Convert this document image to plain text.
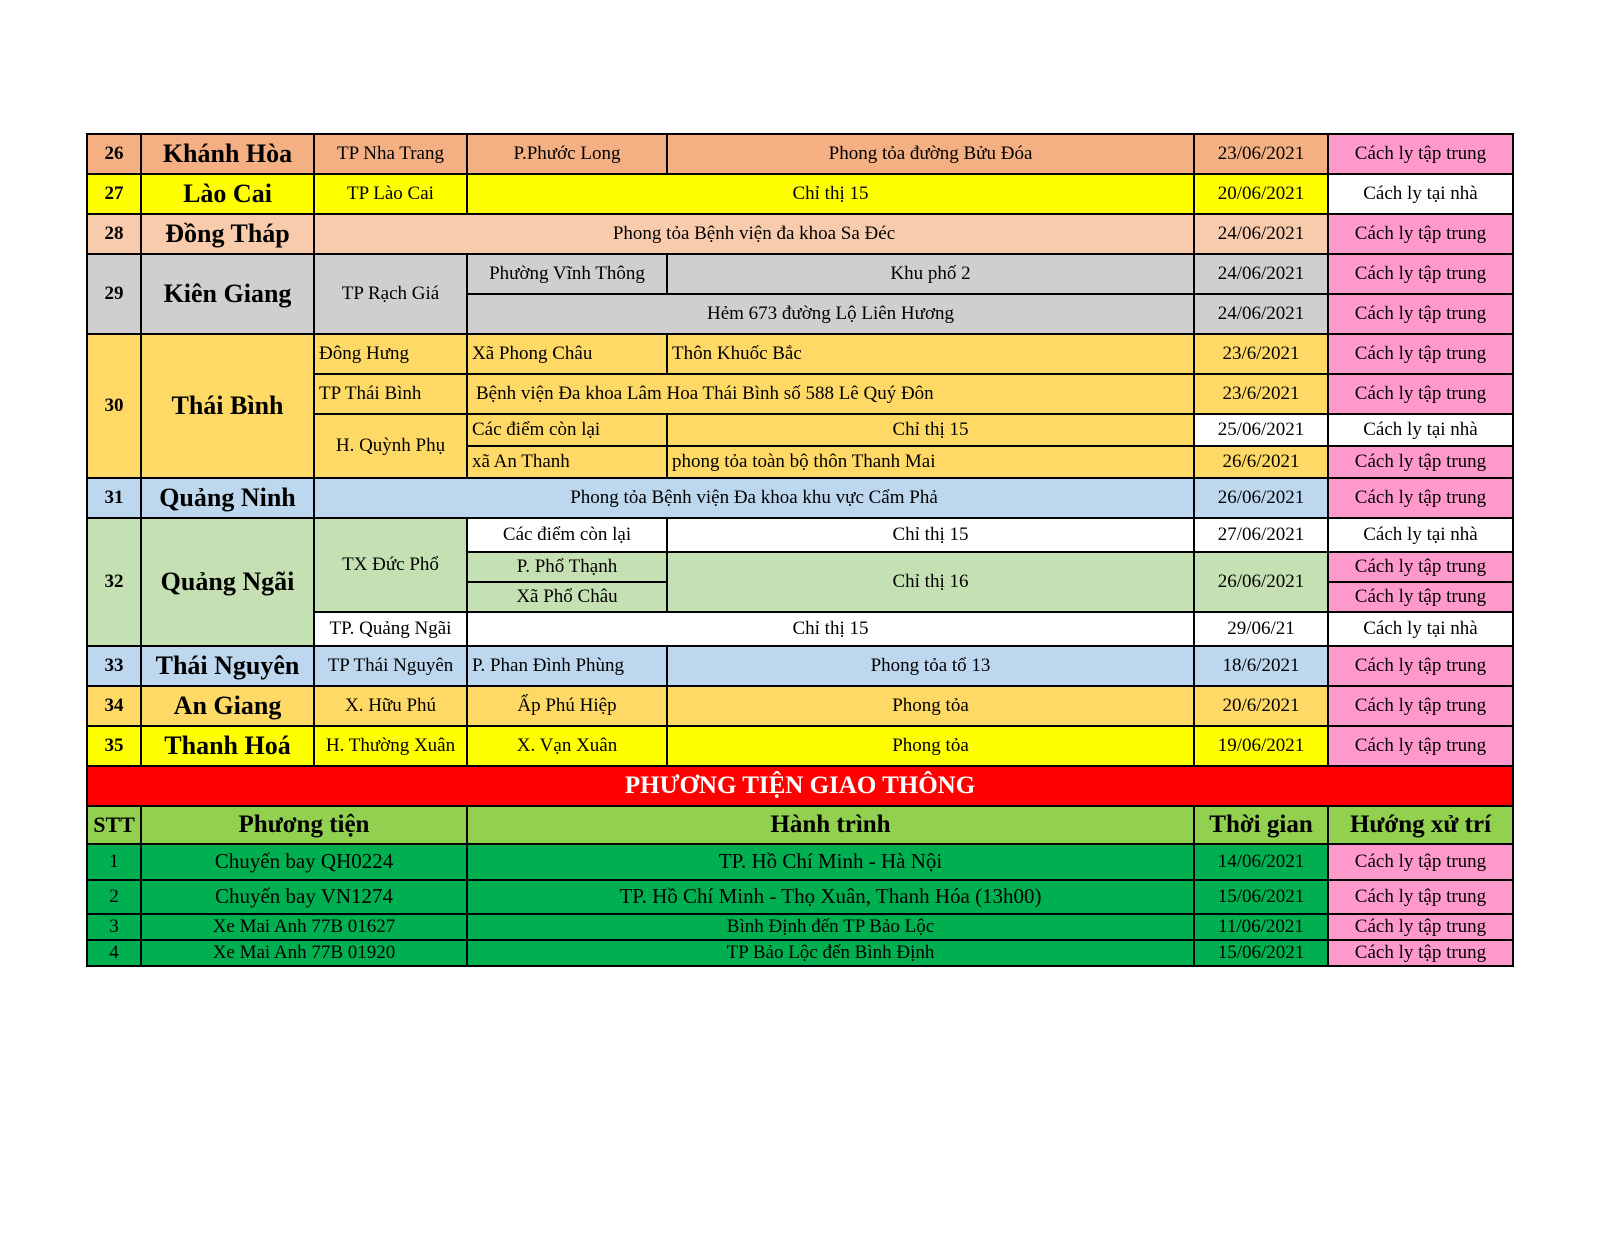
26	Khánh Hòa	TP Nha Trang	P.Phước Long	Phong tỏa đường Bửu Đóa	23/06/2021	Cách ly tập trung
27	Lào Cai	TP Lào Cai	Chỉ thị 15		20/06/2021	Cách ly tại nhà
28	Đồng Tháp	Phong tỏa Bệnh viện đa khoa Sa Đéc			24/06/2021	Cách ly tập trung
29	Kiên Giang	TP Rạch Giá	Phường Vĩnh Thông	Khu phố 2	24/06/2021	Cách ly tập trung
			Hẻm 673 đường Lộ Liên Hương		24/06/2021	Cách ly tập trung
30	Thái Bình	Đông Hưng	Xã Phong Châu	Thôn Khuốc Bắc	23/6/2021	Cách ly tập trung
		TP Thái Bình	Bệnh viện Đa khoa Lâm Hoa Thái Bình số 588 Lê Quý Đôn		23/6/2021	Cách ly tập trung
		H. Quỳnh Phụ	Các điểm còn lại	Chỉ thị 15	25/06/2021	Cách ly tại nhà
			xã An Thanh	phong tỏa toàn bộ thôn Thanh Mai	26/6/2021	Cách ly tập trung
31	Quảng Ninh	Phong tỏa Bệnh viện Đa khoa khu vực Cẩm Phả			26/06/2021	Cách ly tập trung
32	Quảng Ngãi	TX Đức Phổ	Các điểm còn lại	Chỉ thị 15	27/06/2021	Cách ly tại nhà
			P. Phổ Thạnh	Chỉ thị 16	26/06/2021	Cách ly tập trung
			Xã Phổ Châu			Cách ly tập trung
		TP. Quảng Ngãi	Chỉ thị 15		29/06/21	Cách ly tại nhà
33	Thái Nguyên	TP Thái Nguyên	P. Phan Đình Phùng	Phong tỏa tổ 13	18/6/2021	Cách ly tập trung
34	An Giang	X. Hữu Phú	Ấp Phú Hiệp	Phong tỏa	20/6/2021	Cách ly tập trung
35	Thanh Hoá	H. Thường Xuân	X. Vạn Xuân	Phong tỏa	19/06/2021	Cách ly tập trung
PHƯƠNG TIỆN GIAO THÔNG						
STT	Phương tiện		Hành trình		Thời gian	Hướng xử trí
1	Chuyến bay QH0224		TP. Hồ Chí Minh - Hà Nội		14/06/2021	Cách ly tập trung
2	Chuyến bay VN1274		TP. Hồ Chí Minh - Thọ Xuân, Thanh Hóa (13h00)		15/06/2021	Cách ly tập trung
3	Xe Mai Anh 77B 01627		Bình Định đến TP Bảo Lộc		11/06/2021	Cách ly tập trung
4	Xe Mai Anh 77B 01920		TP Bảo Lộc đến Bình Định		15/06/2021	Cách ly tập trung
